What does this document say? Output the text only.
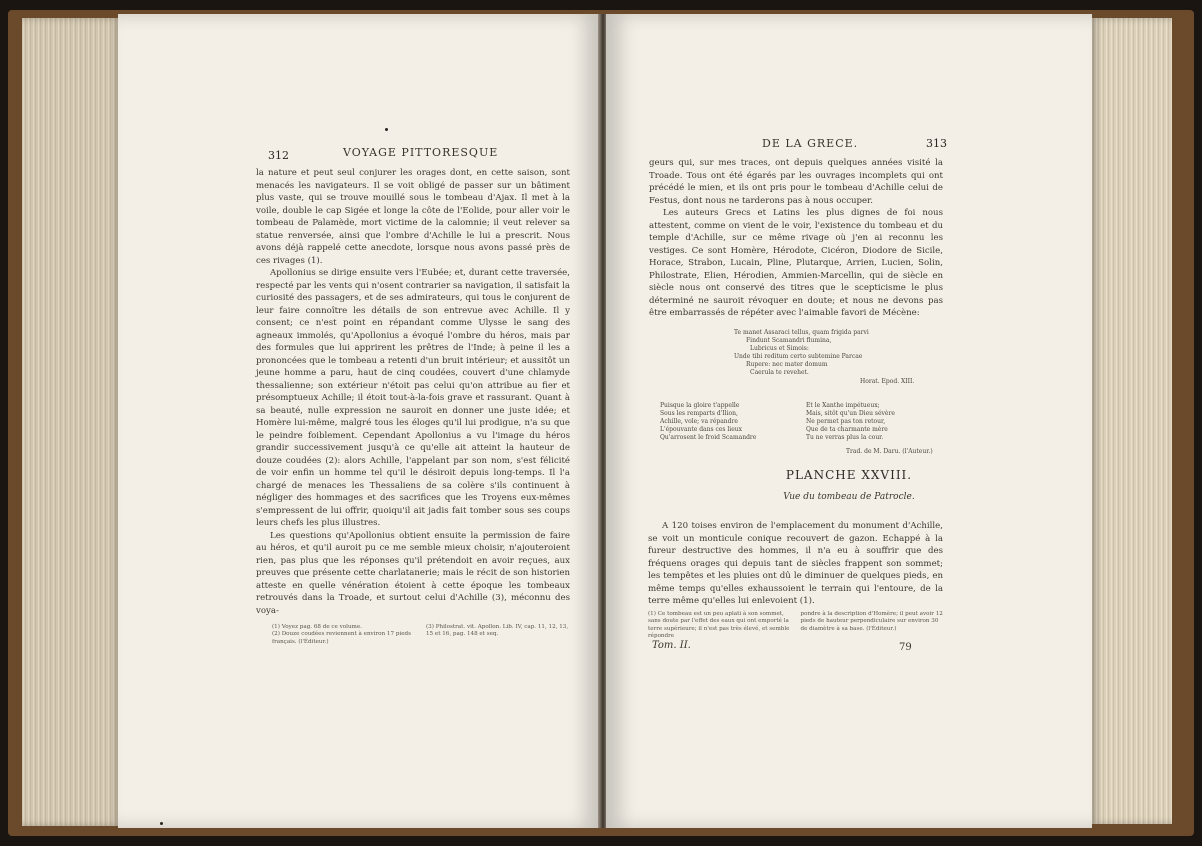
VOYAGE PITTORESQUE
312

la nature et peut seul conjurer les orages dont, en cette saison, sont menacés les navigateurs. Il se voit obligé de passer sur un bâtiment plus vaste, qui se trouve mouillé sous le tombeau d'Ajax. Il met à la voile, double le cap Sigée et longe la côte de l'Eolide, pour aller voir le tombeau de Palamède, mort victime de la calomnie; il veut relever sa statue renversée, ainsi que l'ombre d'Achille le lui a prescrit. Nous avons déjà rappelé cette anecdote, lorsque nous avons passé près de ces rivages (1).

Apollonius se dirige ensuite vers l'Eubée; et, durant cette traversée, respecté par les vents qui n'osent contrarier sa navigation, il satisfait la curiosité des passagers, et de ses admirateurs, qui tous le conjurent de leur faire connoître les détails de son entrevue avec Achille. Il y consent; ce n'est point en répandant comme Ulysse le sang des agneaux immolés, qu'Apollonius a évoqué l'ombre du héros, mais par des formules que lui apprirent les prêtres de l'Inde; à peine il les a prononcées que le tombeau a retenti d'un bruit intérieur; et aussitôt un jeune homme a paru, haut de cinq coudées, couvert d'une chlamyde thessalienne; son extérieur n'étoit pas celui qu'on attribue au fier et présomptueux Achille; il étoit tout-à-la-fois grave et rassurant. Quant à sa beauté, nulle expression ne sauroit en donner une juste idée; et Homère lui-même, malgré tous les éloges qu'il lui prodigue, n'a su que le peindre foiblement. Cependant Apollonius a vu l'image du héros grandir successivement jusqu'à ce qu'elle ait atteint la hauteur de douze coudées (2): alors Achille, l'appelant par son nom, s'est félicité de voir enfin un homme tel qu'il le désiroit depuis long-temps. Il l'a chargé de menaces les Thessaliens de sa colère s'ils continuent à négliger des hommages et des sacrifices que les Troyens eux-mêmes s'empressent de lui offrir, quoiqu'il ait jadis fait tomber sous ses coups leurs chefs les plus illustres.

Les questions qu'Apollonius obtient ensuite la permission de faire au héros, et qu'il auroit pu ce me semble mieux choisir, n'ajouteroient rien, pas plus que les réponses qu'il prétendoit en avoir reçues, aux preuves que présente cette charlatanerie; mais le récit de son historien atteste en quelle vénération étoient à cette époque les tombeaux retrouvés dans la Troade, et surtout celui d'Achille (3), méconnu des voya-

(1) Voyez pag. 68 de ce volume.

(2) Douze coudées reviennent à environ 17 pieds français. (l'Éditeur.)

(3) Philostrat. vit. Apollon. Lib. IV, cap. 11, 12, 13, 15 et 16, pag. 148 et seq.

DE LA GRECE.	313

geurs qui, sur mes traces, ont depuis quelques années visité la Troade. Tous ont été égarés par les ouvrages incomplets qui ont précédé le mien, et ils ont pris pour le tombeau d'Achille celui de Festus, dont nous ne tarderons pas à nous occuper.

Les auteurs Grecs et Latins les plus dignes de foi nous attestent, comme on vient de le voir, l'existence du tombeau et du temple d'Achille, sur ce même rivage où j'en ai reconnu les vestiges. Ce sont Homère, Hérodote, Cicéron, Diodore de Sicile, Horace, Strabon, Lucain, Pline, Plutarque, Arrien, Lucien, Solin, Philostrate, Elien, Hérodien, Ammien-Marcellin, qui de siècle en siècle nous ont conservé des titres que le scepticisme le plus déterminé ne sauroit révoquer en doute; et nous ne devons pas être embarrassés de répéter avec l'aimable favori de Mécène:

Te manet Assaraci tellus, quam frigida parvi

Findunt Scamandri flumina,

Lubricus et Simois:

Unde tibi reditum certo subtemine Parcae

Rupere: nec mater domum

Caerula te revehet.

Horat. Epod. XIII.

Puisque la gloire t'appelle

Sous les remparts d'Ilion,

Achille, vole; va répandre

L'épouvante dans ces lieux

Qu'arrosent le froid Scamandre

Et le Xanthe impétueux;

Mais, sitôt qu'un Dieu sévère

Ne permet pas ton retour,

Que de ta charmante mère

Tu ne verras plus la cour.

Trad. de M. Daru. (l'Auteur.)
PLANCHE XXVIII.
Vue du tombeau de Patrocle.

A 120 toises environ de l'emplacement du monument d'Achille, se voit un monticule conique recouvert de gazon. Echappé à la fureur destructive des hommes, il n'a eu à souffrir que des fréquens orages qui depuis tant de siècles frappent son sommet; les tempêtes et les pluies ont dû le diminuer de quelques pieds, en même temps qu'elles exhaussoient le terrain qui l'entoure, de la terre même qu'elles lui enlevoient (1).

(1) Ce tombeau est un peu aplati à son sommet, sans doute par l'effet des eaux qui ont emporté la terre supérieure; il n'est pas très élevé, et semble répondre

pondre à la description d'Homère; il peut avoir 12 pieds de hauteur perpendiculaire sur environ 30 de diamètre à sa base. (l'Éditeur.)

Tom. II.	79
